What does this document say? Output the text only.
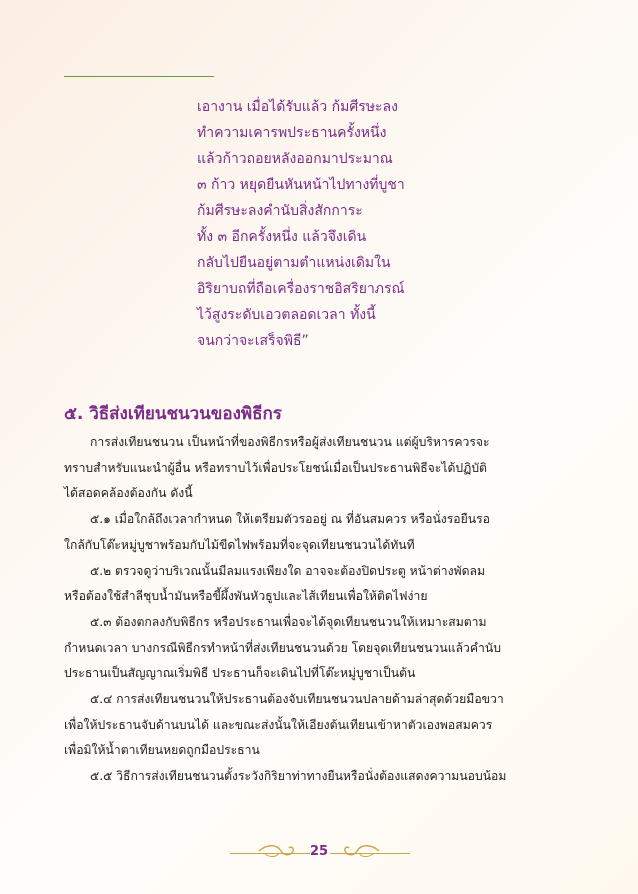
เอางาน เมื่อได้รับแล้ว ก้มศีรษะลง
ทำความเคารพประธานครั้งหนึ่ง
แล้วก้าวถอยหลังออกมาประมาณ
๓ ก้าว หยุดยืนหันหน้าไปทางที่บูชา
ก้มศีรษะลงคำนับสิ่งสักการะ
ทั้ง ๓ อีกครั้งหนึ่ง แล้วจึงเดิน
กลับไปยืนอยู่ตามตำแหน่งเดิมใน
อิริยาบถที่ถือเครื่องราชอิสริยาภรณ์
ไว้สูงระดับเอวตลอดเวลา ทั้งนี้
จนกว่าจะเสร็จพิธี”
๕. วิธีส่งเทียนชนวนของพิธีกร
การส่งเทียนชนวน เป็นหน้าที่ของพิธีกรหรือผู้ส่งเทียนชนวน แต่ผู้บริหารควรจะ
ทราบสำหรับแนะนำผู้อื่น หรือทราบไว้เพื่อประโยชน์เมื่อเป็นประธานพิธีจะได้ปฏิบัติ
ได้สอดคล้องต้องกัน ดังนี้
๕.๑ เมื่อใกล้ถึงเวลากำหนด ให้เตรียมตัวรออยู่ ณ ที่อันสมควร หรือนั่งรอยืนรอ
ใกล้กับโต๊ะหมู่บูชาพร้อมกับไม้ขีดไฟพร้อมที่จะจุดเทียนชนวนได้ทันที
๕.๒ ตรวจดูว่าบริเวณนั้นมีลมแรงเพียงใด อาจจะต้องปิดประตู หน้าต่างพัดลม
หรือต้องใช้สำลีชุบน้ำมันหรือขี้ผึ้งพันหัวธูปและไส้เทียนเพื่อให้ติดไฟง่าย
๕.๓ ต้องตกลงกับพิธีกร หรือประธานเพื่อจะได้จุดเทียนชนวนให้เหมาะสมตาม
กำหนดเวลา บางกรณีพิธีกรทำหน้าที่ส่งเทียนชนวนด้วย โดยจุดเทียนชนวนแล้วคำนับ
ประธานเป็นสัญญาณเริ่มพิธี ประธานก็จะเดินไปที่โต๊ะหมู่บูชาเป็นต้น
๕.๔ การส่งเทียนชนวนให้ประธานต้องจับเทียนชนวนปลายด้ามล่าสุดด้วยมือขวา
เพื่อให้ประธานจับด้านบนได้ และขณะส่งนั้นให้เอียงต้นเทียนเข้าหาตัวเองพอสมควร
เพื่อมิให้น้ำตาเทียนหยดถูกมือประธาน
๕.๕ วิธีการส่งเทียนชนวนตั้งระวังกิริยาท่าทางยืนหรือนั่งต้องแสดงความนอบน้อม
25
